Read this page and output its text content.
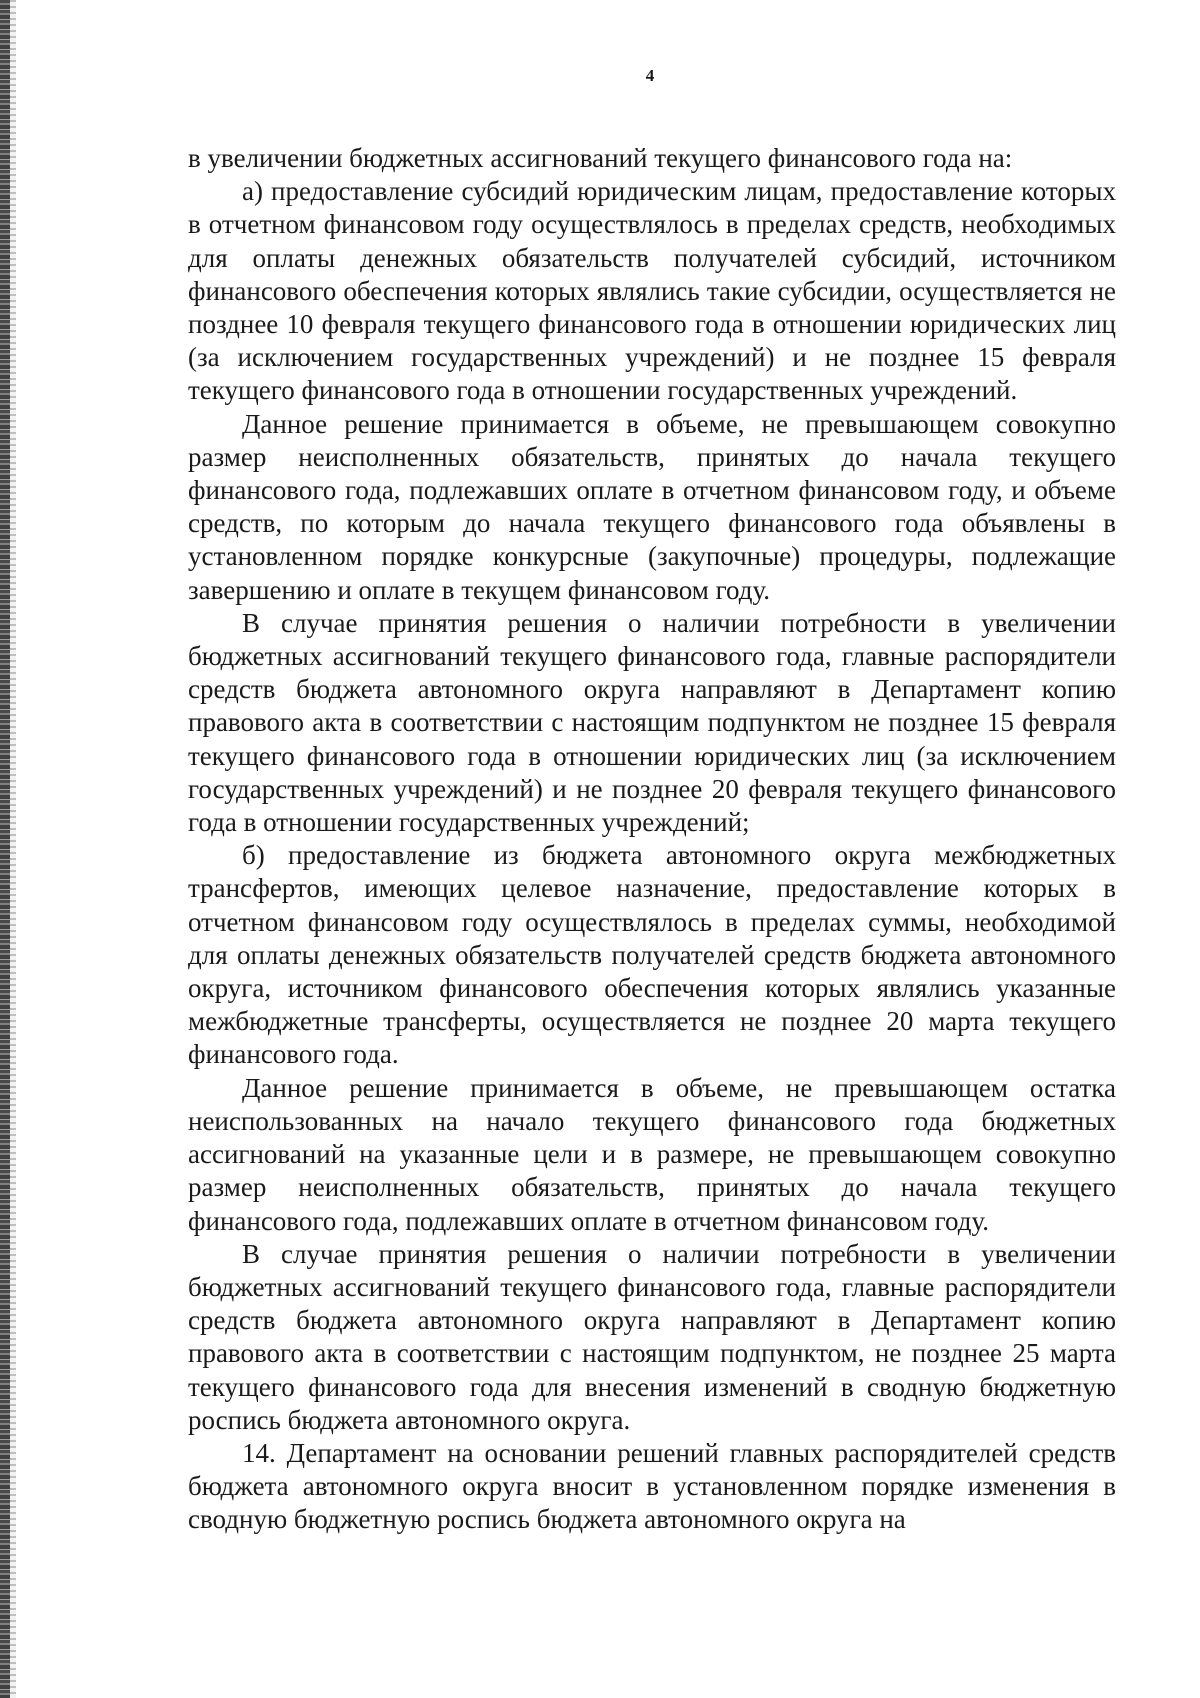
4

в увеличении бюджетных ассигнований текущего финансового года на:

а) предоставление субсидий юридическим лицам, предоставление которых в отчетном финансовом году осуществлялось в пределах средств, необходимых для оплаты денежных обязательств получателей субсидий, источником финансового обеспечения которых являлись такие субсидии, осуществляется не позднее 10 февраля текущего финансового года в отношении юридических лиц (за исключением государственных учреждений) и не позднее 15 февраля текущего финансового года в отношении государственных учреждений.

Данное решение принимается в объеме, не превышающем совокупно размер неисполненных обязательств, принятых до начала текущего финансового года, подлежавших оплате в отчетном финансовом году, и объеме средств, по которым до начала текущего финансового года объявлены в установленном порядке конкурсные (закупочные) процедуры, подлежащие завершению и оплате в текущем финансовом году.

В случае принятия решения о наличии потребности в увеличении бюджетных ассигнований текущего финансового года, главные распорядители средств бюджета автономного округа направляют в Департамент копию правового акта в соответствии с настоящим подпунктом не позднее 15 февраля текущего финансового года в отношении юридических лиц (за исключением государственных учреждений) и не позднее 20 февраля текущего финансового года в отношении государственных учреждений;

б) предоставление из бюджета автономного округа межбюджетных трансфертов, имеющих целевое назначение, предоставление которых в отчетном финансовом году осуществлялось в пределах суммы, необходимой для оплаты денежных обязательств получателей средств бюджета автономного округа, источником финансового обеспечения которых являлись указанные межбюджетные трансферты, осуществляется не позднее 20 марта текущего финансового года.

Данное решение принимается в объеме, не превышающем остатка неиспользованных на начало текущего финансового года бюджетных ассигнований на указанные цели и в размере, не превышающем совокупно размер неисполненных обязательств, принятых до начала текущего финансового года, подлежавших оплате в отчетном финансовом году.

В случае принятия решения о наличии потребности в увеличении бюджетных ассигнований текущего финансового года, главные распорядители средств бюджета автономного округа направляют в Департамент копию правового акта в соответствии с настоящим подпунктом, не позднее 25 марта текущего финансового года для внесения изменений в сводную бюджетную роспись бюджета автономного округа.

14. Департамент на основании решений главных распорядителей средств бюджета автономного округа вносит в установленном порядке изменения в сводную бюджетную роспись бюджета автономного округа на
